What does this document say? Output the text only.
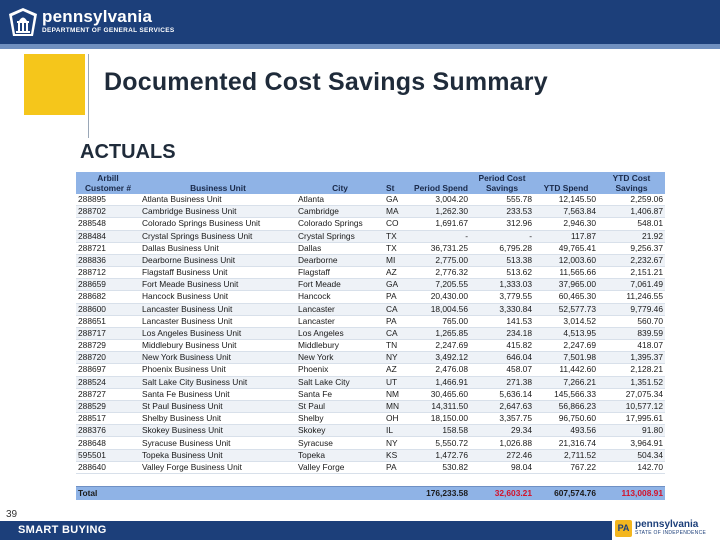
pennsylvania
DEPARTMENT OF GENERAL SERVICES
Documented Cost Savings Summary
ACTUALS
Arbill
Customer #	Business Unit	City	St	Period Spend	Period Cost
Savings	YTD Spend	YTD Cost
Savings
288895	Atlanta Business Unit	Atlanta	GA	3,004.20	555.78	12,145.50	2,259.06
288702	Cambridge Business Unit	Cambridge	MA	1,262.30	233.53	7,563.84	1,406.87
288548	Colorado Springs Business Unit	Colorado Springs	CO	1,691.67	312.96	2,946.30	548.01
288484	Crystal Springs Business Unit	Crystal Springs	TX	-	-	117.87	21.92
288721	Dallas Business Unit	Dallas	TX	36,731.25	6,795.28	49,765.41	9,256.37
288836	Dearborne Business Unit	Dearborne	MI	2,775.00	513.38	12,003.60	2,232.67
288712	Flagstaff Business Unit	Flagstaff	AZ	2,776.32	513.62	11,565.66	2,151.21
288659	Fort Meade Business Unit	Fort Meade	GA	7,205.55	1,333.03	37,965.00	7,061.49
288682	Hancock Business Unit	Hancock	PA	20,430.00	3,779.55	60,465.30	11,246.55
288600	Lancaster Business Unit	Lancaster	CA	18,004.56	3,330.84	52,577.73	9,779.46
288651	Lancaster Business Unit	Lancaster	PA	765.00	141.53	3,014.52	560.70
288717	Los Angeles Business Unit	Los Angeles	CA	1,265.85	234.18	4,513.95	839.59
288729	Middlebury Business Unit	Middlebury	TN	2,247.69	415.82	2,247.69	418.07
288720	New York Business Unit	New York	NY	3,492.12	646.04	7,501.98	1,395.37
288697	Phoenix Business Unit	Phoenix	AZ	2,476.08	458.07	11,442.60	2,128.21
288524	Salt Lake City Business Unit	Salt Lake City	UT	1,466.91	271.38	7,266.21	1,351.52
288727	Santa Fe Business Unit	Santa Fe	NM	30,465.60	5,636.14	145,566.33	27,075.34
288529	St Paul Business Unit	St Paul	MN	14,311.50	2,647.63	56,866.23	10,577.12
288517	Shelby Business Unit	Shelby	OH	18,150.00	3,357.75	96,750.60	17,995.61
288376	Skokey Business Unit	Skokey	IL	158.58	29.34	493.56	91.80
288648	Syracuse Business Unit	Syracuse	NY	5,550.72	1,026.88	21,316.74	3,964.91
595501	Topeka Business Unit	Topeka	KS	1,472.76	272.46	2,711.52	504.34
288640	Valley Forge Business Unit	Valley Forge	PA	530.82	98.04	767.22	142.70

Total				176,233.58	32,603.21	607,574.76	113,008.91
39
SMART BUYING	PA pennsylvania
STATE OF INDEPENDENCE
